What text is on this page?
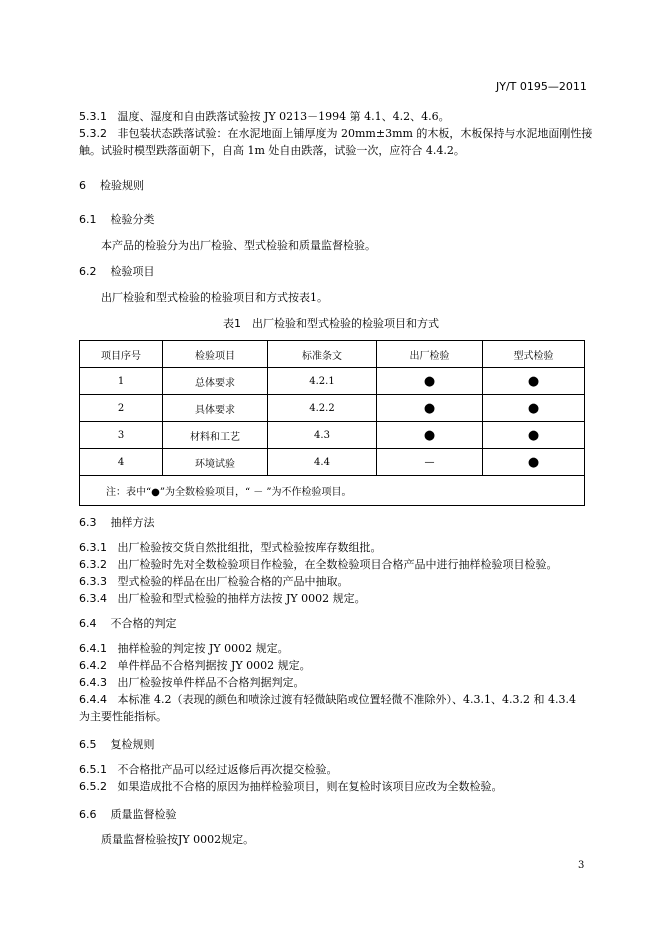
JY/T 0195—2011
5.3.1 温度、湿度和自由跌落试验按 JY 0213－1994 第 4.1、4.2、4.6。
5.3.2 非包装状态跌落试验：在水泥地面上铺厚度为 20mm±3mm 的木板，木板保持与水泥地面刚性接
触。试验时模型跌落面朝下，自高 1m 处自由跌落，试验一次，应符合 4.4.2。
6 检验规则
6.1 检验分类
本产品的检验分为出厂检验、型式检验和质量监督检验。
6.2 检验项目
出厂检验和型式检验的检验项目和方式按表1。
表1　出厂检验和型式检验的检验项目和方式
项目序号	检验项目	标准条文	出厂检验	型式检验
1	总体要求	4.2.1	●	●
2	具体要求	4.2.2	●	●
3	材料和工艺	4.3	●	●
4	环境试验	4.4	—	●
注：表中“●”为全数检验项目，“ － ”为不作检验项目。				
6.3 抽样方法
6.3.1 出厂检验按交货自然批组批，型式检验按库存数组批。
6.3.2 出厂检验时先对全数检验项目作检验，在全数检验项目合格产品中进行抽样检验项目检验。
6.3.3 型式检验的样品在出厂检验合格的产品中抽取。
6.3.4 出厂检验和型式检验的抽样方法按 JY 0002 规定。
6.4 不合格的判定
6.4.1 抽样检验的判定按 JY 0002 规定。
6.4.2 单件样品不合格判据按 JY 0002 规定。
6.4.3 出厂检验按单件样品不合格判据判定。
6.4.4 本标准 4.2（表现的颜色和喷涂过渡有轻微缺陷或位置轻微不准除外）、4.3.1、4.3.2 和 4.3.4
为主要性能指标。
6.5 复检规则
6.5.1 不合格批产品可以经过返修后再次提交检验。
6.5.2 如果造成批不合格的原因为抽样检验项目，则在复检时该项目应改为全数检验。
6.6 质量监督检验
质量监督检验按JY 0002规定。
3
